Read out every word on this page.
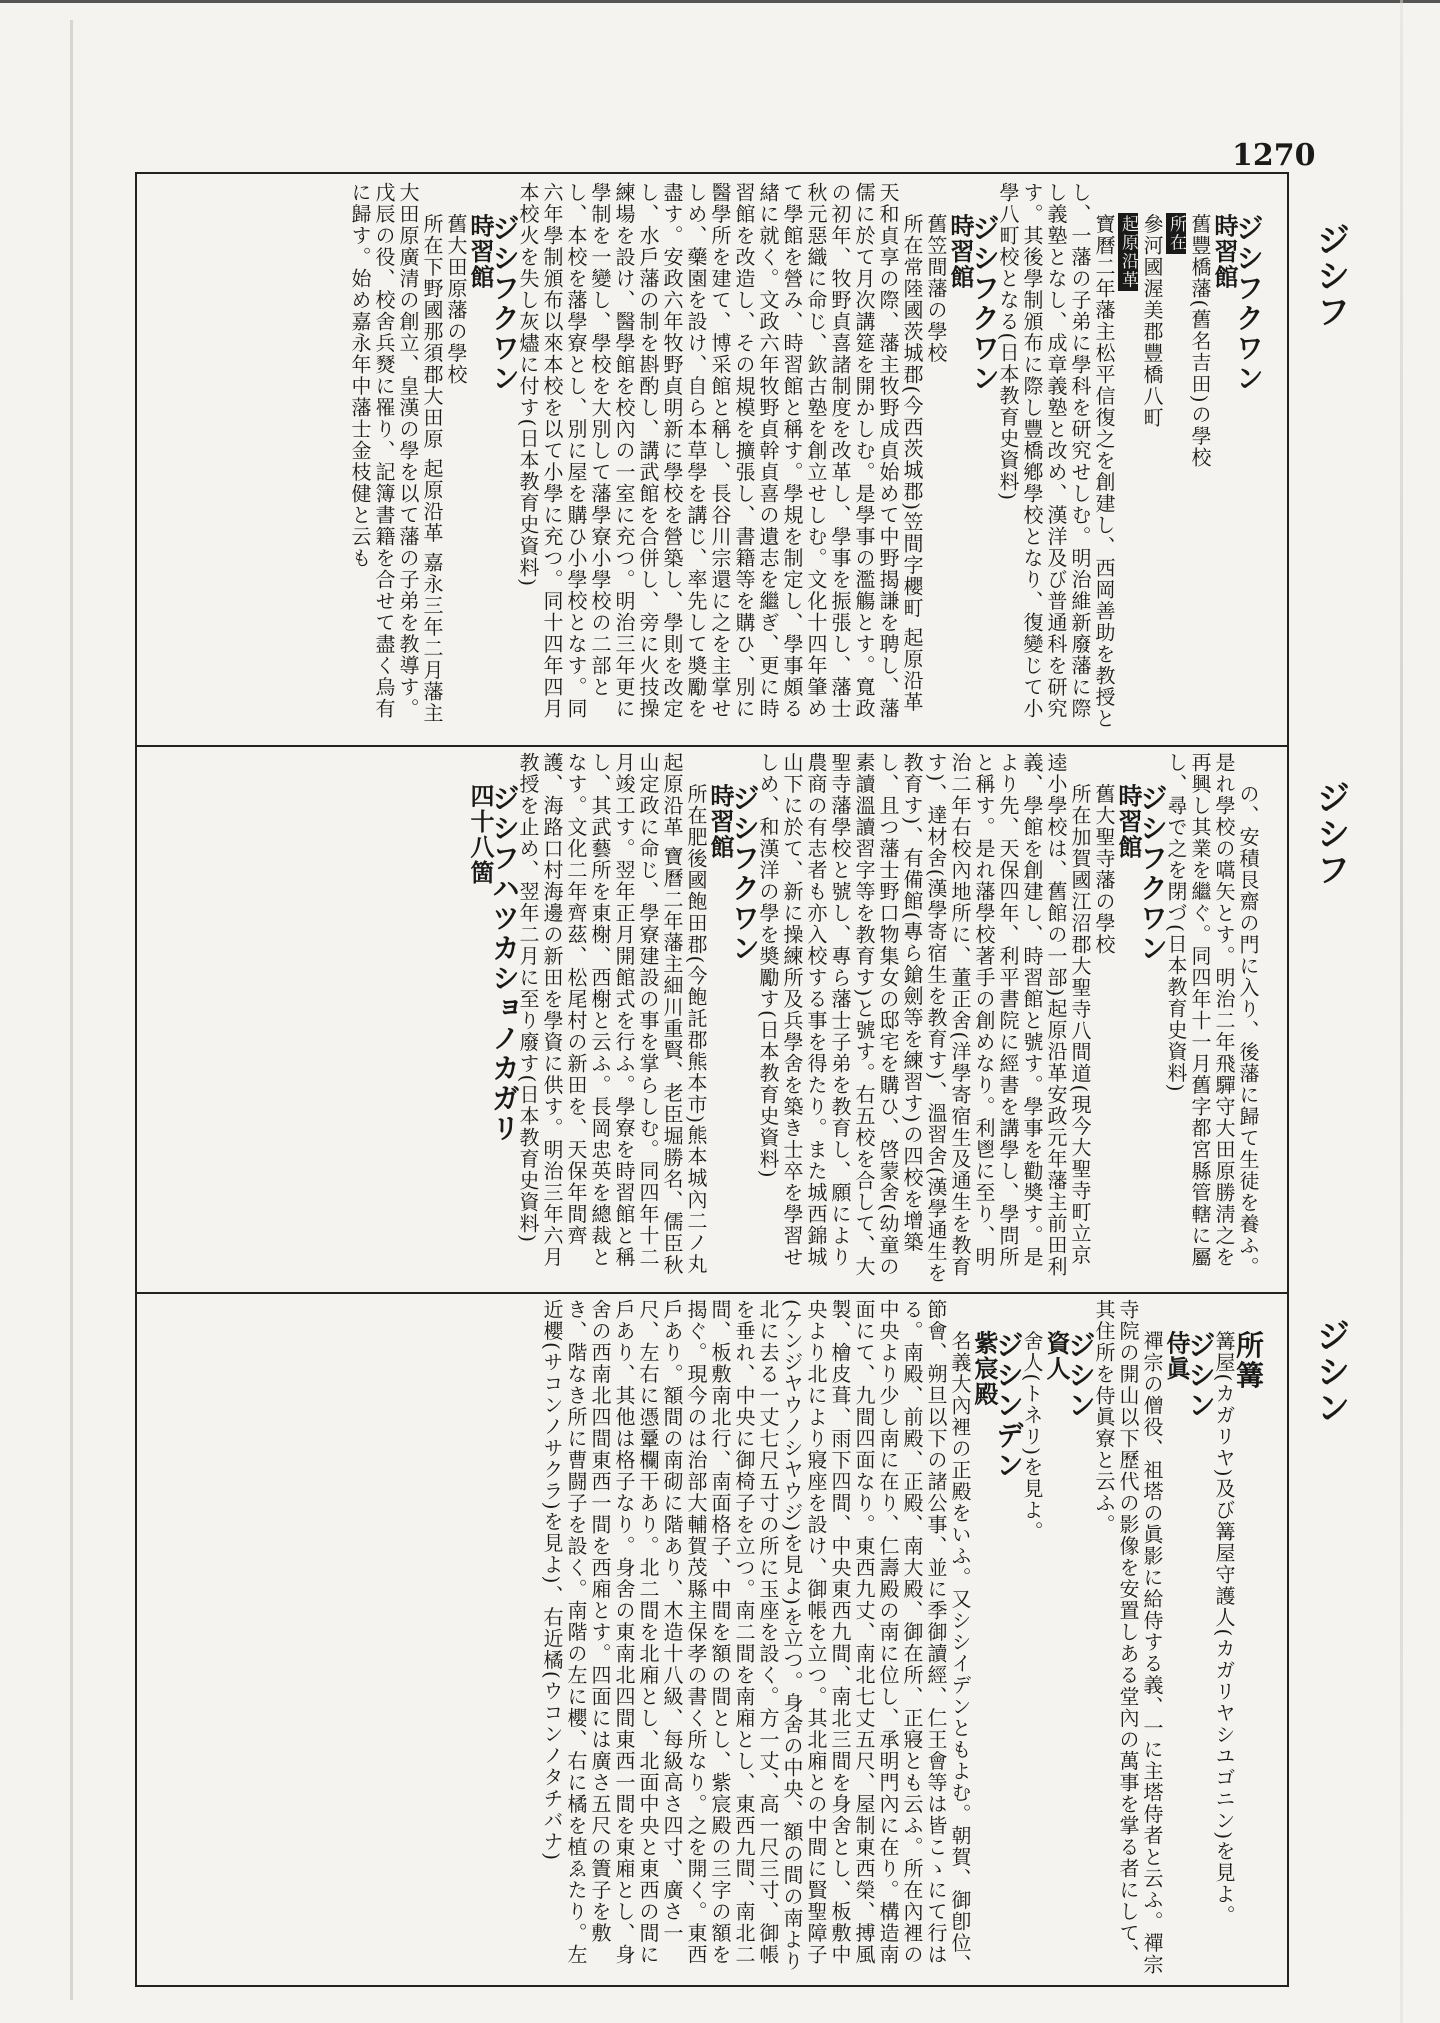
1270
ジシフ
ジシフ
ジシン

ジシフクワン
時習館
舊豐橋藩(舊名吉田)の學校
所在
參河國渥美郡豐橋八町
起原沿革
寶曆二年藩主松平信復之を創建し、西岡善助を教授とし、一藩の子弟に學科を研究せしむ。明治維新廢藩に際し義塾となし、成章義塾と改め、漢洋及び普通科を研究す。其後學制頒布に際し豐橋鄕學校となり、復變じて小學八町校となる(日本教育史資料)
ジシフクワン
時習館
舊笠間藩の學校
所在常陸國茨城郡(今西茨城郡)笠間字櫻町 起原沿革 天和貞享の際、藩主牧野成貞始めて中野揭謙を聘し、藩儒に於て月次講筵を開かしむ。是學事の濫觴とす。寬政の初年、牧野貞喜諸制度を改革し、學事を振張し、藩士秋元惡織に命じ、欽古塾を創立せしむ。文化十四年肇めて學館を營み、時習館と稱す。學規を制定し、學事頗る緖に就く。文政六年牧野貞幹貞喜の遺志を繼ぎ、更に時習館を改造し、その規模を擴張し、書籍等を購ひ、別に醫學所を建て、博采館と稱し、長谷川宗還に之を主掌せしめ、藥園を設け、自ら本草學を講じ、率先して奬勵を盡す。安政六年牧野貞明新に學校を營築し、學則を改定し、水戶藩の制を斟酌し、講武館を合併し、旁に火技操練場を設け、醫學館を校內の一室に充つ。明治三年更に學制を一變し、學校を大別して藩學寮小學校の二部とし、本校を藩學寮とし、別に屋を購ひ小學校となす。同六年學制頒布以來本校を以て小學に充つ。同十四年四月本校火を失し灰燼に付す(日本教育史資料)
ジシフクワン
時習館
舊大田原藩の學校
所在下野國那須郡大田原 起原沿革 嘉永三年二月藩主大田原廣清の創立、皇漢の學を以て藩の子弟を教導す。戊辰の役、校舍兵燹に罹り、記簿書籍を合せて盡く烏有に歸す。始め嘉永年中藩士金枝健と云も

の、安積艮齋の門に入り、後藩に歸て生徒を養ふ。是れ學校の嚆矢とす。明治二年飛驒守大田原勝淸之を再興し其業を繼ぐ。同四年十一月舊字都宮縣管轄に屬し、尋で之を閉づ(日本教育史資料)
ジシフクワン
時習館
舊大聖寺藩の學校
所在加賀國江沼郡大聖寺八間道(現今大聖寺町立京逵小學校は、舊館の一部)起原沿革安政元年藩主前田利義、學館を創建し、時習館と號す。學事を勸奬す。是より先、天保四年、利平書院に經書を講學し、學問所と稱す。是れ藩學校著手の創めなり。利鬯に至り、明治二年右校內地所に、董正舍(洋學寄宿生及通生を教育す)、達材舍(漢學寄宿生を教育す)、溫習舍(漢學通生を教育す)、有備館(專ら鎗劍等を練習す)の四校を增築し、且つ藩士野口物集女の邸宅を購ひ、啓蒙舍(幼童の素讀溫讀習字等を教育す)と號す。右五校を合して、大聖寺藩學校と號し、專ら藩士子弟を教育し、願により農商の有志者も亦入校する事を得たり。また城西錦城山下に於て、新に操練所及兵學舍を築き士卒を學習せしめ、和漢洋の學を奬勵す(日本教育史資料)
ジシフクワン
時習館
所在肥後國飽田郡(今飽託郡熊本市)熊本城內二ノ丸 起原沿革 寶曆二年藩主細川重賢、老臣堀勝名、儒臣秋山定政に命じ、學寮建設の事を掌らしむ。同四年十二月竣工す。翌年正月開館式を行ふ。學寮を時習館と稱し、其武藝所を東榭、西榭と云ふ。長岡忠英を總裁となす。文化二年齊茲、松尾村の新田を、天保年間齊護、海路口村海邊の新田を學資に供す。明治三年六月教授を止め、翌年二月に至り廢す(日本教育史資料)
ジシフハツカショノカガリ
四十八箇

所篝
篝屋(カガリヤ)及び篝屋守護人(カガリヤシユゴニン)を見よ。
ジシン
侍眞
禪宗の僧役、祖塔の眞影に給侍する義、一に主塔侍者と云ふ。禪宗寺院の開山以下歷代の影像を安置しある堂內の萬事を掌る者にして、其住所を侍眞寮と云ふ。
ジシン
資人
舍人(トネリ)を見よ。
ジシンデン
紫宸殿
名義大內裡の正殿をいふ。又シシイデンともよむ。朝賀、御卽位、節會、朔旦以下の諸公事、並に季御讀經、仁王會等は皆こゝにて行はる。南殿、前殿、正殿、南大殿、御在所、正寢とも云ふ。所在內裡の中央より少し南に在り、仁壽殿の南に位し、承明門內に在り。構造南面にて、九間四面なり。東西九丈、南北七丈五尺、屋制東西榮、搏風製、檜皮葺、雨下四間、中央東西九間、南北三間を身舍とし、板敷中央より北により寢座を設け、御帳を立つ。其北廂との中間に賢聖障子(ケンジヤウノシヤウジ)を見よ)を立つ。身舍の中央、額の間の南より北に去る一丈七尺五寸の所に玉座を設く。方一丈、高一尺三寸、御帳を垂れ、中央に御椅子を立つ。南二間を南廂とし、東西九間、南北二間、板敷南北行、南面格子、中間を額の間とし、紫宸殿の三字の額を揭ぐ。現今のは治部大輔賀茂縣主保孝の書く所なり。之を開く。東西戶あり。額間の南砌に階あり、木造十八級、每級高さ四寸、廣さ一尺、左右に憑鞷欄干あり。北二間を北廂とし、北面中央と東西の間に戶あり、其他は格子なり。身舍の東南北四間東西一間を東廂とし、身舍の西南北四間東西一間を西廂とす。四面には廣さ五尺の簀子を敷き、階なき所に曹闘子を設く。南階の左に櫻、右に橘を植ゑたり。左近櫻(サコンノサクラ)を見よ)、右近橘(ウコンノタチバナ)
